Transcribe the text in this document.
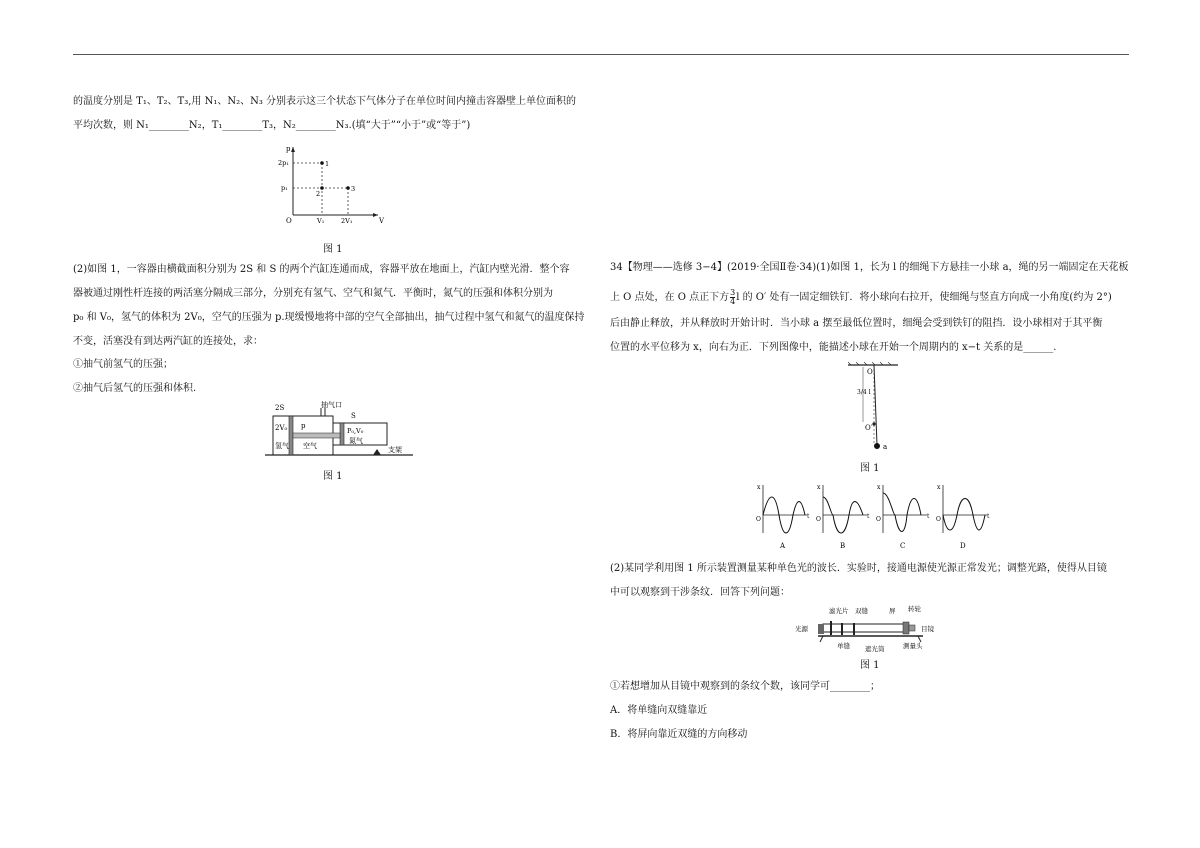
的温度分别是 T₁、T₂、T₃,用 N₁、N₂、N₃ 分别表示这三个状态下气体分子在单位时间内撞击容器壁上单位面积的
平均次数，则 N₁________N₂，T₁________T₃，N₂________N₃.(填“大于”“小于”或“等于”)
p
V
O
2p₁
p₁
V₁	2V₁
1
2
3
图 1
(2)如图 1，一容器由横截面积分别为 2S 和 S 的两个汽缸连通而成，容器平放在地面上，汽缸内壁光滑．整个容
器被通过刚性杆连接的两活塞分隔成三部分，分别充有氢气、空气和氮气．平衡时，氮气的压强和体积分别为
p₀ 和 V₀，氢气的体积为 2V₀，空气的压强为 p.现缓慢地将中部的空气全部抽出，抽气过程中氢气和氮气的温度保持
不变，活塞没有到达两汽缸的连接处，求：
①抽气前氢气的压强；
②抽气后氢气的压强和体积.
2S
2V₀
氢气
p
抽气口
S
P₀,V₀
氮气
空气	支架
图 1
34【物理——选修 3−4】(2019·全国Ⅱ卷·34)(1)如图 1，长为 l 的细绳下方悬挂一小球 a，绳的另一端固定在天花板
上 O 点处，在 O 点正下方 $\frac{3}{4}$ l 的 O′ 处有一固定细铁钉．将小球向右拉开，使细绳与竖直方向成一小角度(约为 2°)
后由静止释放，并从释放时开始计时．当小球 a 摆至最低位置时，细绳会受到铁钉的阻挡．设小球相对于其平衡
位置的水平位移为 x，向右为正．下列图像中，能描述小球在开始一个周期内的 x−t 关系的是______.
O
3/4 l
O′
a
图 1
x
t
O
A
x
t
O
B
x
t
O
C
x
t
O
D
(2)某同学利用图 1 所示装置测量某种单色光的波长．实验时，接通电源使光源正常发光；调整光路，使得从目镜
中可以观察到干涉条纹．回答下列问题：
滤光片 双缝	屏 转轮
光源	目镜
单缝 遮光筒	测量头
图 1
①若想增加从目镜中观察到的条纹个数，该同学可________；
A．将单缝向双缝靠近
B．将屏向靠近双缝的方向移动
